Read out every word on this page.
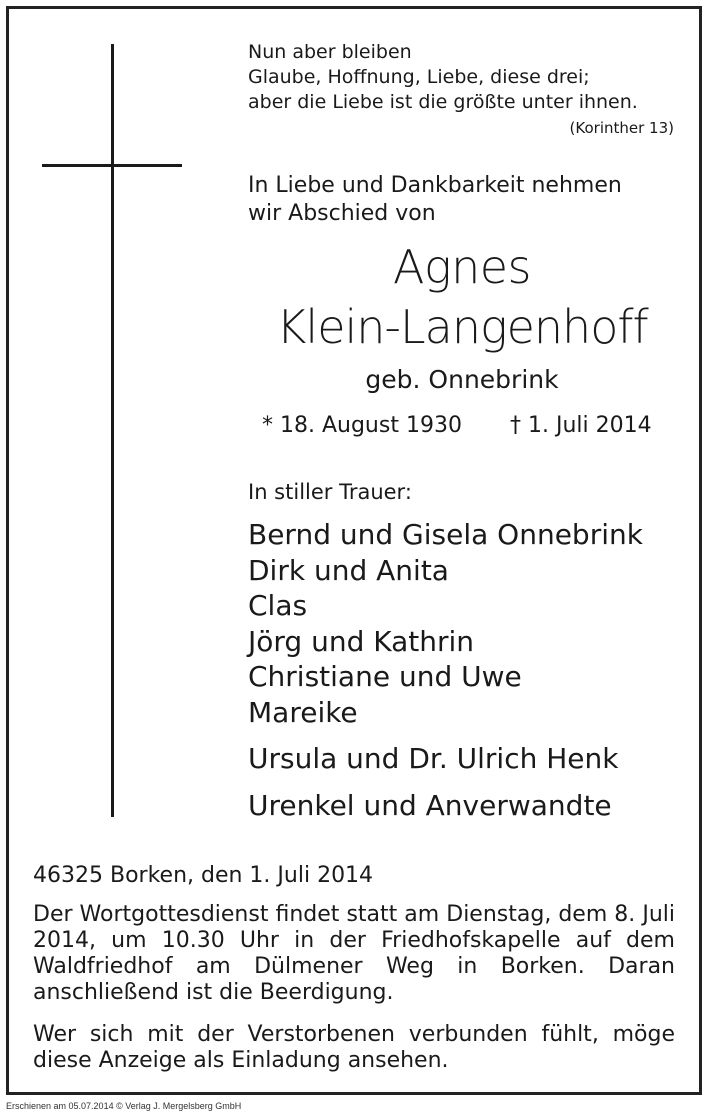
Nun aber bleiben
Glaube, Hoffnung, Liebe, diese drei;
aber die Liebe ist die größte unter ihnen.
(Korinther 13)
In Liebe und Dankbarkeit nehmen
wir Abschied von
Agnes
Klein-Langenhoff
geb. Onnebrink
* 18. August 1930 † 1. Juli 2014
In stiller Trauer:
Bernd und Gisela Onnebrink
Dirk und Anita
Clas
Jörg und Kathrin
Christiane und Uwe
Mareike
Ursula und Dr. Ulrich Henk
Urenkel und Anverwandte
46325 Borken, den 1. Juli 2014
Der Wortgottesdienst findet statt am Dienstag, dem 8. Juli 2014, um 10.30 Uhr in der Friedhofskapelle auf dem Waldfriedhof am Dülmener Weg in Borken. Daran anschließend ist die Beerdigung.
Wer sich mit der Verstorbenen verbunden fühlt, möge diese Anzeige als Einladung ansehen.
Erschienen am 05.07.2014 © Verlag J. Mergelsberg GmbH
